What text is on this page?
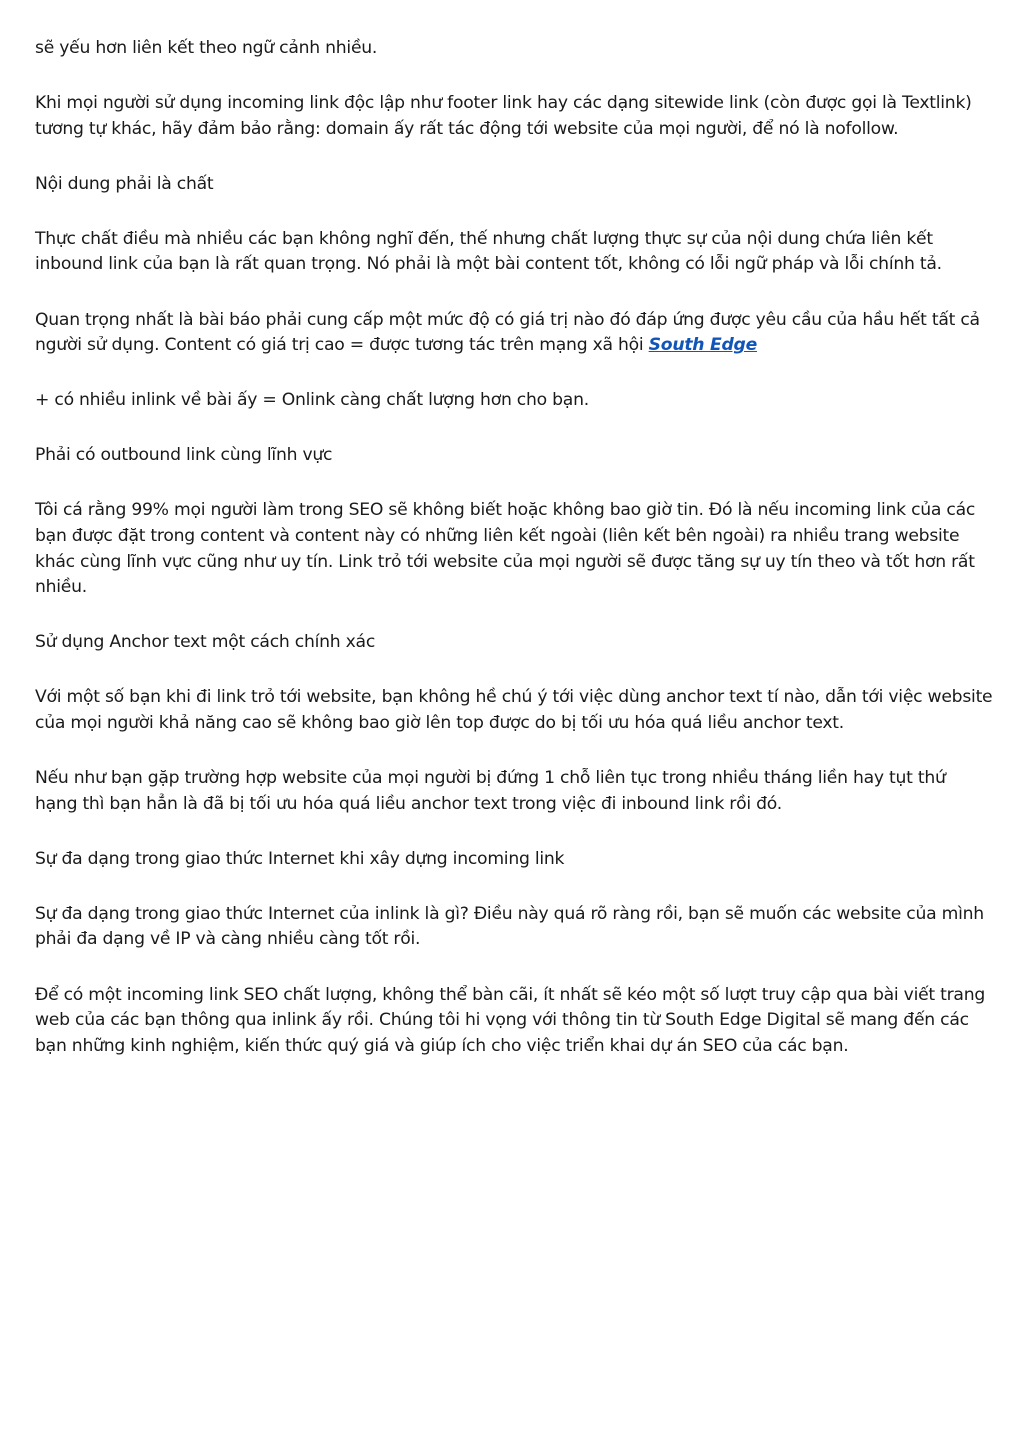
sẽ yếu hơn liên kết theo ngữ cảnh nhiều.

Khi mọi người sử dụng incoming link độc lập như footer link hay các dạng sitewide link (còn được gọi là Textlink) tương tự khác, hãy đảm bảo rằng: domain ấy rất tác động tới website của mọi người, để nó là nofollow.

Nội dung phải là chất

Thực chất điều mà nhiều các bạn không nghĩ đến, thế nhưng chất lượng thực sự của nội dung chứa liên kết inbound link của bạn là rất quan trọng. Nó phải là một bài content tốt, không có lỗi ngữ pháp và lỗi chính tả.

Quan trọng nhất là bài báo phải cung cấp một mức độ có giá trị nào đó đáp ứng được yêu cầu của hầu hết tất cả người sử dụng. Content có giá trị cao = được tương tác trên mạng xã hội South Edge

+ có nhiều inlink về bài ấy = Onlink càng chất lượng hơn cho bạn.

Phải có outbound link cùng lĩnh vực

Tôi cá rằng 99% mọi người làm trong SEO sẽ không biết hoặc không bao giờ tin. Đó là nếu incoming link của các bạn được đặt trong content và content này có những liên kết ngoài (liên kết bên ngoài) ra nhiều trang website khác cùng lĩnh vực cũng như uy tín. Link trỏ tới website của mọi người sẽ được tăng sự uy tín theo và tốt hơn rất nhiều.

Sử dụng Anchor text một cách chính xác

Với một số bạn khi đi link trỏ tới website, bạn không hề chú ý tới việc dùng anchor text tí nào, dẫn tới việc website của mọi người khả năng cao sẽ không bao giờ lên top được do bị tối ưu hóa quá liều anchor text.

Nếu như bạn gặp trường hợp website của mọi người bị đứng 1 chỗ liên tục trong nhiều tháng liền hay tụt thứ hạng thì bạn hẳn là đã bị tối ưu hóa quá liều anchor text trong việc đi inbound link rồi đó.

Sự đa dạng trong giao thức Internet khi xây dựng incoming link

Sự đa dạng trong giao thức Internet của inlink là gì? Điều này quá rõ ràng rồi, bạn sẽ muốn các website của mình phải đa dạng về IP và càng nhiều càng tốt rồi.

Để có một incoming link SEO chất lượng, không thể bàn cãi, ít nhất sẽ kéo một số lượt truy cập qua bài viết trang web của các bạn thông qua inlink ấy rồi. Chúng tôi hi vọng với thông tin từ South Edge Digital sẽ mang đến các bạn những kinh nghiệm, kiến thức quý giá và giúp ích cho việc triển khai dự án SEO của các bạn.
